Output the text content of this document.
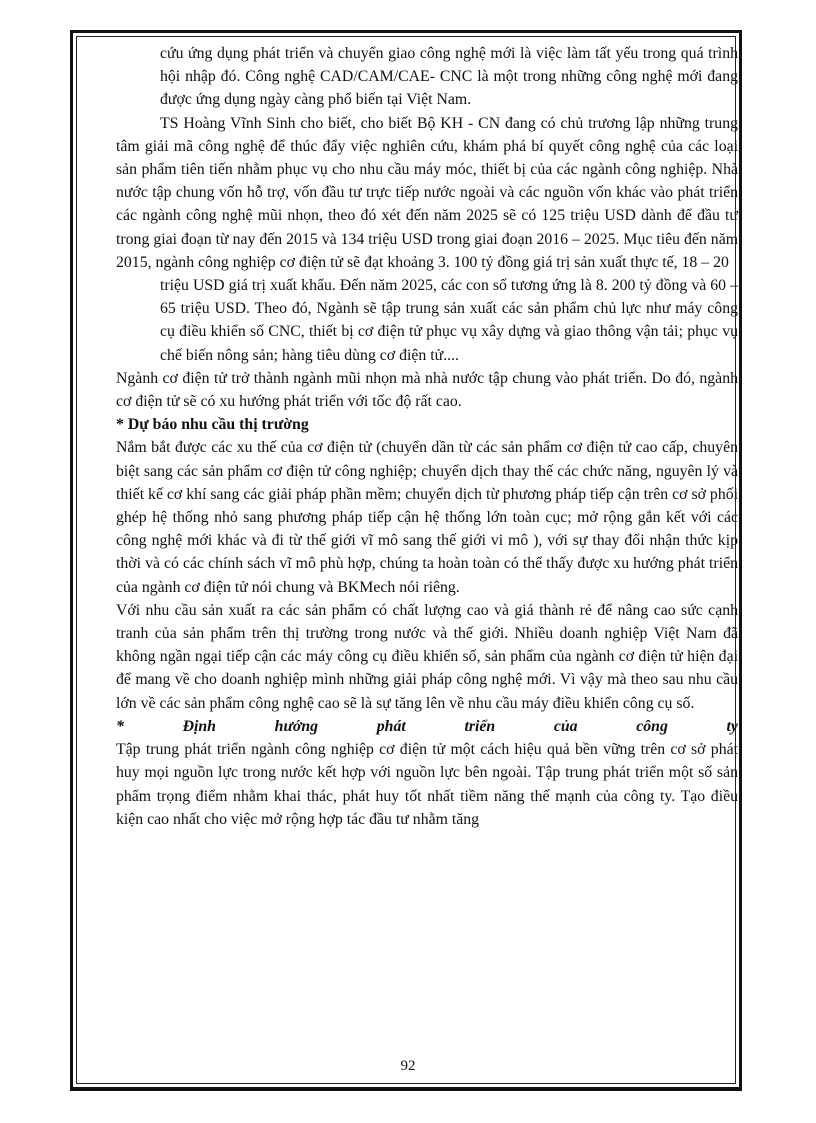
cứu ứng dụng phát triển và chuyển giao công nghệ mới là việc làm tất yếu trong quá trình hội nhập đó. Công nghệ CAD/CAM/CAE- CNC là một trong những công nghệ mới đang được ứng dụng ngày càng phổ biến tại Việt Nam.

TS Hoàng Vĩnh Sinh cho biết, cho biết Bộ KH - CN đang có chủ trương lập những trung tâm giải mã công nghệ để thúc đẩy việc nghiên cứu, khám phá bí quyết công nghệ của các loại sản phẩm tiên tiến nhằm phục vụ cho nhu cầu máy móc, thiết bị của các ngành công nghiệp. Nhà nước tập chung vốn hỗ trợ, vốn đầu tư trực tiếp nước ngoài và các nguồn vốn khác vào phát triển các ngành công nghệ mũi nhọn, theo đó xét đến năm 2025 sẽ có 125 triệu USD dành để đầu tư trong giai đoạn từ nay đến 2015 và 134 triệu USD trong giai đoạn 2016 – 2025. Mục tiêu đến năm 2015, ngành công nghiệp cơ điện tử sẽ đạt khoảng 3. 100 tỷ đồng giá trị sản xuất thực tế, 18 – 20

triệu USD giá trị xuất khẩu. Đến năm 2025, các con số tương ứng là 8. 200 tỷ đồng và 60 – 65 triệu USD. Theo đó, Ngành sẽ tập trung sản xuất các sản phẩm chủ lực như máy công cụ điều khiển số CNC, thiết bị cơ điện tử phục vụ xây dựng và giao thông vận tải; phục vụ chế biến nông sản; hàng tiêu dùng cơ điện tử....

Ngành cơ điện tử trở thành ngành mũi nhọn mà nhà nước tập chung vào phát triển. Do đó, ngành cơ điện tử sẽ có xu hướng phát triển với tốc độ rất cao.

* Dự báo nhu cầu thị trường

Nắm bắt được các xu thế của cơ điện tử (chuyển dần từ các sản phẩm cơ điện tử cao cấp, chuyên biệt sang các sản phẩm cơ điện tử công nghiệp; chuyển dịch thay thế các chức năng, nguyên lý và thiết kế cơ khí sang các giải pháp phần mềm; chuyển dịch từ phương pháp tiếp cận trên cơ sở phối ghép hệ thống nhỏ sang phương pháp tiếp cận hệ thống lớn toàn cục; mở rộng gắn kết với các công nghệ mới khác và đi từ thế giới vĩ mô sang thế giới vi mô ), với sự thay đổi nhận thức kịp thời và có các chính sách vĩ mô phù hợp, chúng ta hoàn toàn có thể thấy được xu hướng phát triển của ngành cơ điện tử nói chung và BKMech nói riêng.

Với nhu cầu sản xuất ra các sản phẩm có chất lượng cao và giá thành rẻ để nâng cao sức cạnh tranh của sản phẩm trên thị trường trong nước và thế giới. Nhiều doanh nghiệp Việt Nam đã không ngần ngại tiếp cận các máy công cụ điều khiển số, sản phẩm của ngành cơ điện tử hiện đại để mang về cho doanh nghiệp mình những giải pháp công nghệ mới. Vì vậy mà theo sau nhu cầu lớn về các sản phẩm công nghệ cao sẽ là sự tăng lên về nhu cầu máy điều khiển công cụ số.

*	Định	hướng	phát	triển	của	công	ty

Tập trung phát triển ngành công nghiệp cơ điện tử một cách hiệu quả bền vững trên cơ sở phát huy mọi nguồn lực trong nước kết hợp với nguồn lực bên ngoài. Tập trung phát triển một số sản phẩm trọng điểm nhằm khai thác, phát huy tốt nhất tiềm năng thế mạnh của công ty. Tạo điều kiện cao nhất cho việc mở rộng hợp tác đầu tư nhằm tăng

92
